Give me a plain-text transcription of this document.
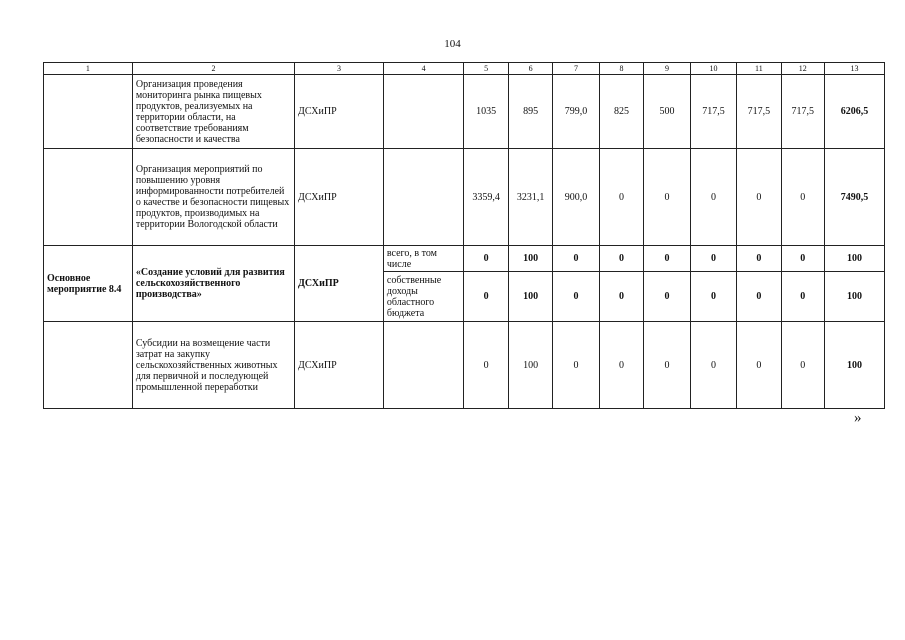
104
1	2	3	4	5	6	7	8	9	10	11	12	13
	Организация проведения мониторинга рынка пищевых продуктов, реализуемых на территории области, на соответствие требованиям безопасности и качества	ДСХиПР		1035	895	799,0	825	500	717,5	717,5	717,5	6206,5
	Организация мероприятий по повышению уровня информированности потребителей о качестве и безопасности пищевых продуктов, производимых на территории Вологодской области	ДСХиПР		3359,4	3231,1	900,0	0	0	0	0	0	7490,5
Основное мероприятие 8.4	«Создание условий для развития сельскохозяйственного производства»	ДСХиПР	всего, в том числе	0	100	0	0	0	0	0	0	100
			собственные доходы областного бюджета	0	100	0	0	0	0	0	0	100
	Субсидии на возмещение части затрат на закупку сельскохозяйственных животных для первичной и последующей промышленной переработки	ДСХиПР		0	100	0	0	0	0	0	0	100
»
